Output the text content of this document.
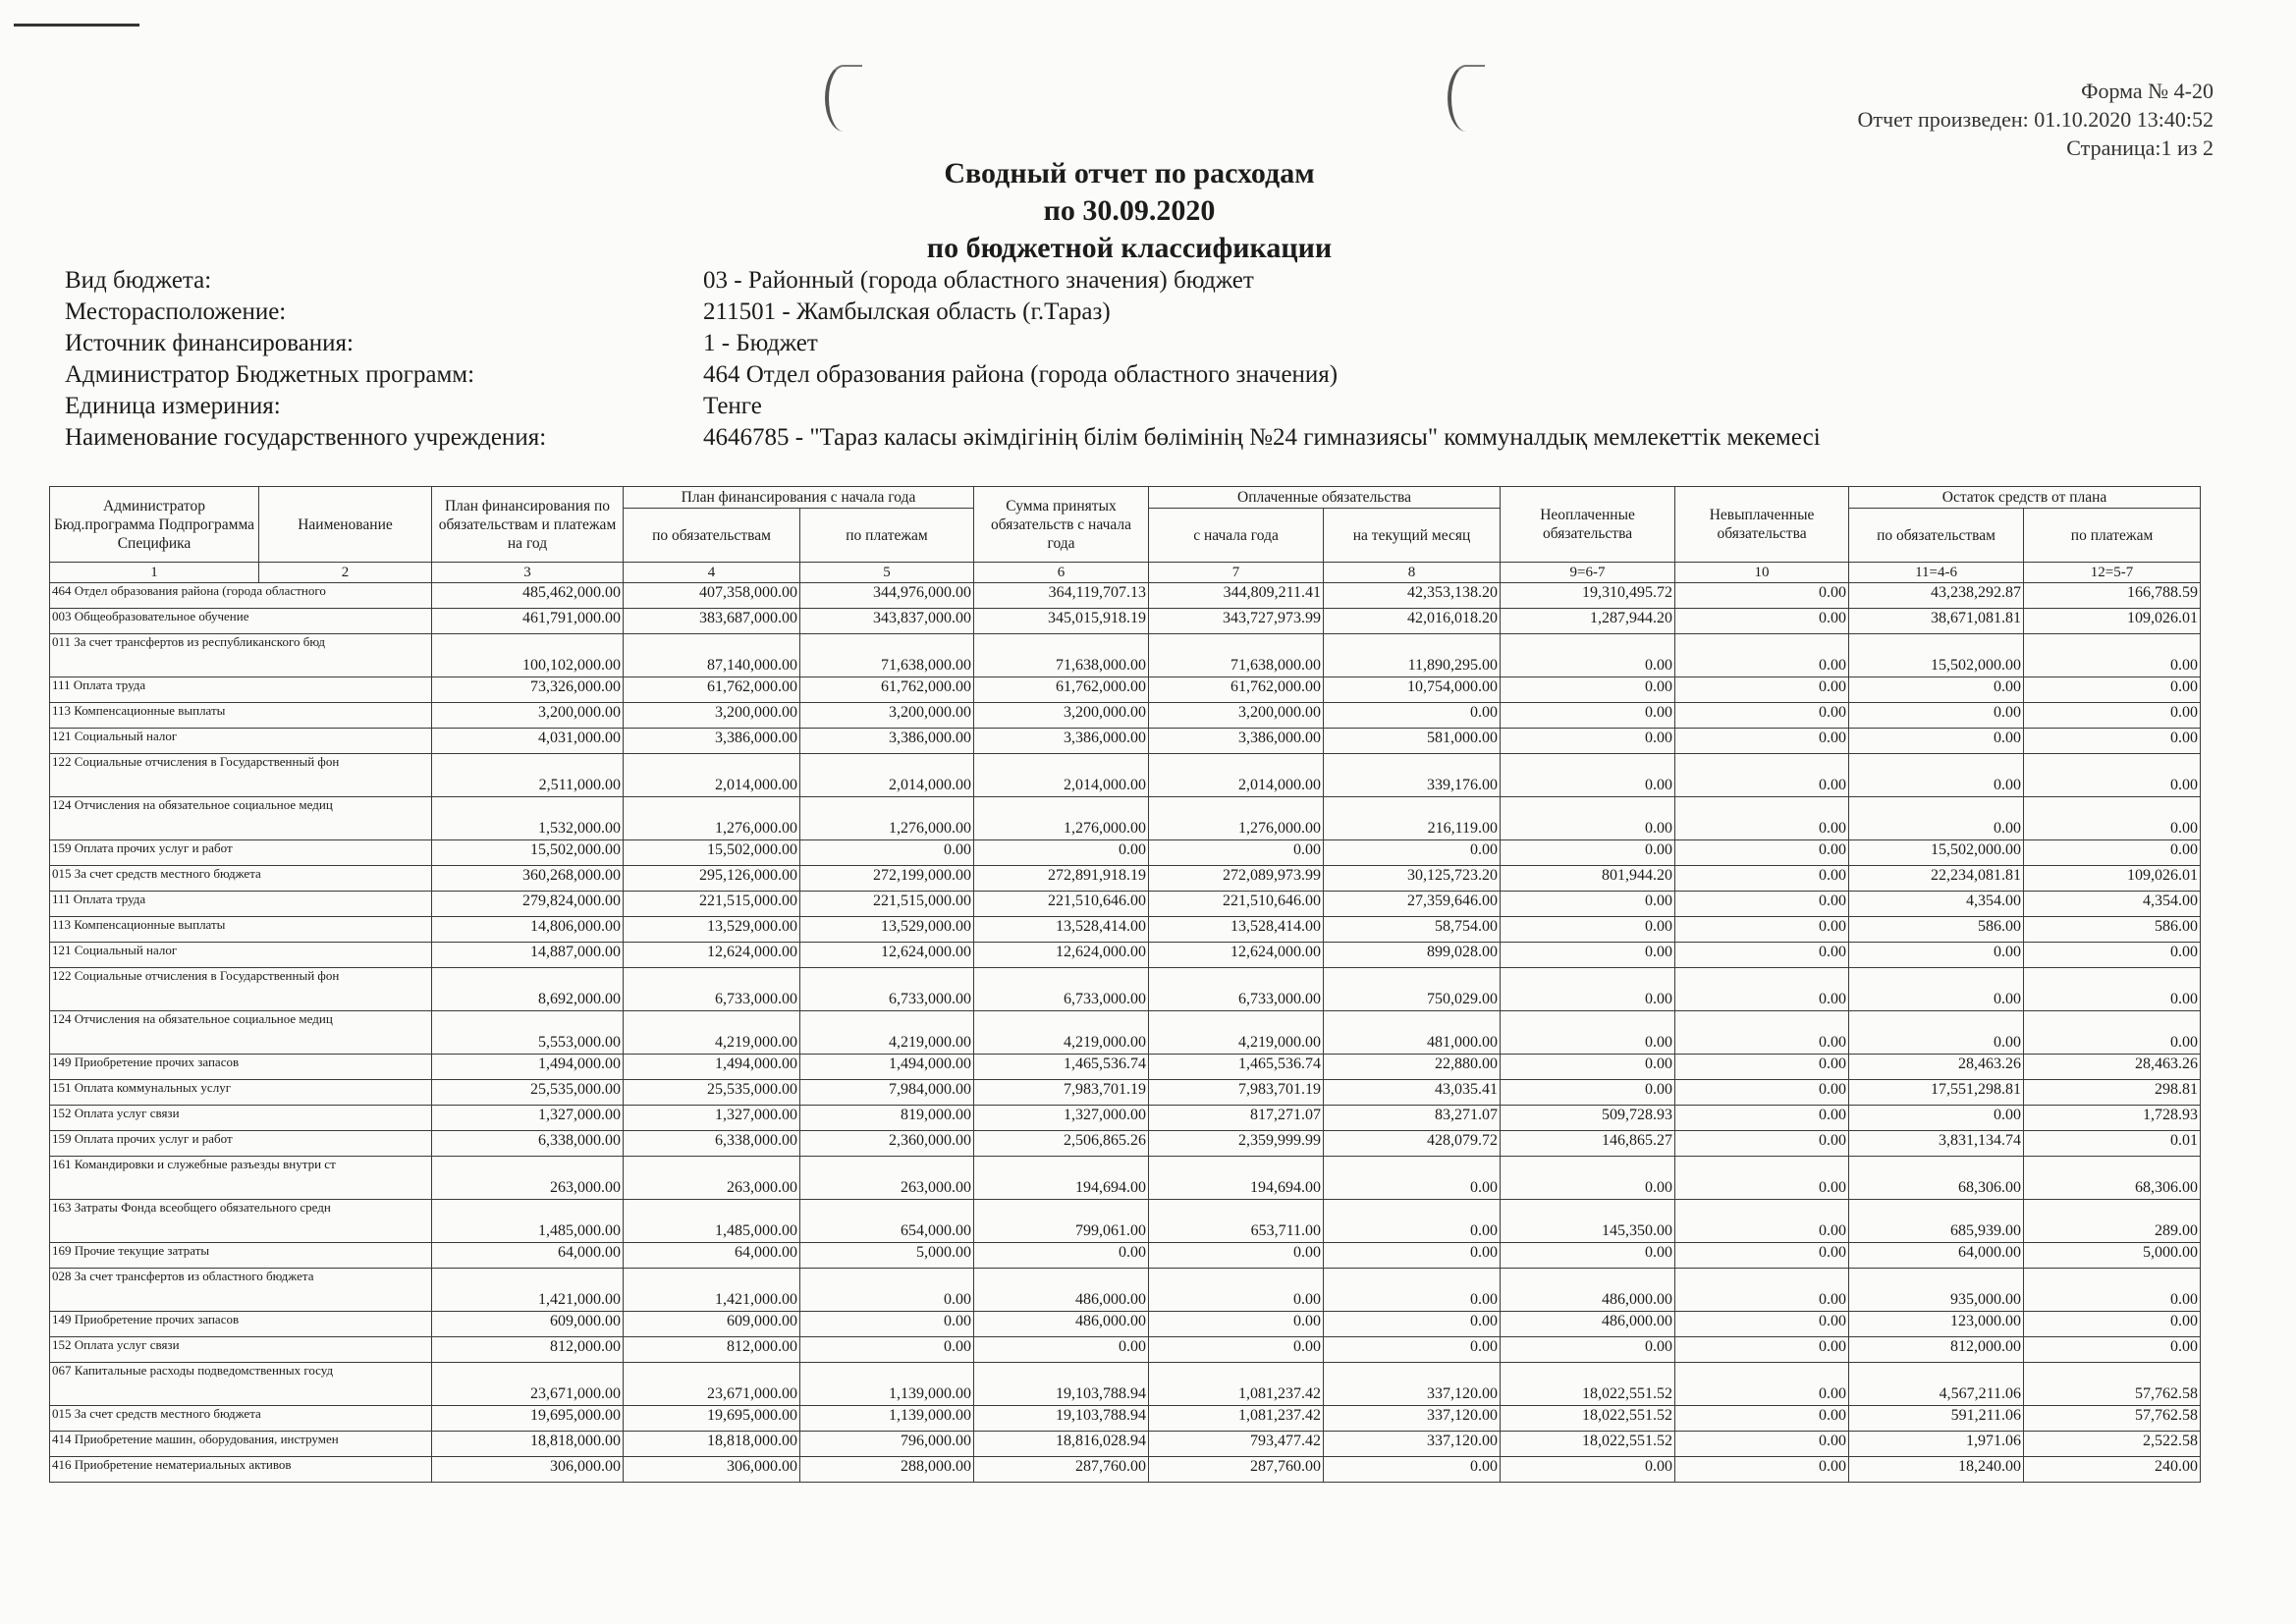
Форма № 4-20
Отчет произведен: 01.10.2020 13:40:52
Страница:1 из 2
Сводный отчет по расходам
по 30.09.2020
по бюджетной классификации
Вид бюджета:	03 - Районный (города областного значения) бюджет
Месторасположение:	211501 - Жамбылская область (г.Тараз)
Источник финансирования:	1 - Бюджет
Администратор Бюджетных программ:	464 Отдел образования района (города областного значения)
Единица измериния:	Тенге
Наименование государственного учреждения:	4646785 - "Тараз каласы әкімдігінің білім бөлімінің №24 гимназиясы" коммуналдық мемлекеттік мекемесі
Администратор Бюд.программа Подпрограмма Специфика	Наименование	План финансирования по обязательствам и платежам на год	План финансирования с начала года		Сумма принятых обязательств с начала года	Оплаченные обязательства		Неоплаченные обязательства	Невыплаченные обязательства	Остаток средств от плана	
			по обязательствам	по платежам		с начала года	на текущий месяц			по обязательствам	по платежам
1	2	3	4	5	6	7	8	9=6-7	10	11=4-6	12=5-7
464 Отдел образования района (города областного		485,462,000.00	407,358,000.00	344,976,000.00	364,119,707.13	344,809,211.41	42,353,138.20	19,310,495.72	0.00	43,238,292.87	166,788.59
003 Общеобразовательное обучение		461,791,000.00	383,687,000.00	343,837,000.00	345,015,918.19	343,727,973.99	42,016,018.20	1,287,944.20	0.00	38,671,081.81	109,026.01
011 За счет трансфертов из республиканского бюд		100,102,000.00	87,140,000.00	71,638,000.00	71,638,000.00	71,638,000.00	11,890,295.00	0.00	0.00	15,502,000.00	0.00
111 Оплата труда		73,326,000.00	61,762,000.00	61,762,000.00	61,762,000.00	61,762,000.00	10,754,000.00	0.00	0.00	0.00	0.00
113 Компенсационные выплаты		3,200,000.00	3,200,000.00	3,200,000.00	3,200,000.00	3,200,000.00	0.00	0.00	0.00	0.00	0.00
121 Социальный налог		4,031,000.00	3,386,000.00	3,386,000.00	3,386,000.00	3,386,000.00	581,000.00	0.00	0.00	0.00	0.00
122 Социальные отчисления в Государственный фон		2,511,000.00	2,014,000.00	2,014,000.00	2,014,000.00	2,014,000.00	339,176.00	0.00	0.00	0.00	0.00
124 Отчисления на обязательное социальное медиц		1,532,000.00	1,276,000.00	1,276,000.00	1,276,000.00	1,276,000.00	216,119.00	0.00	0.00	0.00	0.00
159 Оплата прочих услуг и работ		15,502,000.00	15,502,000.00	0.00	0.00	0.00	0.00	0.00	0.00	15,502,000.00	0.00
015 За счет средств местного бюджета		360,268,000.00	295,126,000.00	272,199,000.00	272,891,918.19	272,089,973.99	30,125,723.20	801,944.20	0.00	22,234,081.81	109,026.01
111 Оплата труда		279,824,000.00	221,515,000.00	221,515,000.00	221,510,646.00	221,510,646.00	27,359,646.00	0.00	0.00	4,354.00	4,354.00
113 Компенсационные выплаты		14,806,000.00	13,529,000.00	13,529,000.00	13,528,414.00	13,528,414.00	58,754.00	0.00	0.00	586.00	586.00
121 Социальный налог		14,887,000.00	12,624,000.00	12,624,000.00	12,624,000.00	12,624,000.00	899,028.00	0.00	0.00	0.00	0.00
122 Социальные отчисления в Государственный фон		8,692,000.00	6,733,000.00	6,733,000.00	6,733,000.00	6,733,000.00	750,029.00	0.00	0.00	0.00	0.00
124 Отчисления на обязательное социальное медиц		5,553,000.00	4,219,000.00	4,219,000.00	4,219,000.00	4,219,000.00	481,000.00	0.00	0.00	0.00	0.00
149 Приобретение прочих запасов		1,494,000.00	1,494,000.00	1,494,000.00	1,465,536.74	1,465,536.74	22,880.00	0.00	0.00	28,463.26	28,463.26
151 Оплата коммунальных услуг		25,535,000.00	25,535,000.00	7,984,000.00	7,983,701.19	7,983,701.19	43,035.41	0.00	0.00	17,551,298.81	298.81
152 Оплата услуг связи		1,327,000.00	1,327,000.00	819,000.00	1,327,000.00	817,271.07	83,271.07	509,728.93	0.00	0.00	1,728.93
159 Оплата прочих услуг и работ		6,338,000.00	6,338,000.00	2,360,000.00	2,506,865.26	2,359,999.99	428,079.72	146,865.27	0.00	3,831,134.74	0.01
161 Командировки и служебные разъезды внутри ст		263,000.00	263,000.00	263,000.00	194,694.00	194,694.00	0.00	0.00	0.00	68,306.00	68,306.00
163 Затраты Фонда всеобщего обязательного средн		1,485,000.00	1,485,000.00	654,000.00	799,061.00	653,711.00	0.00	145,350.00	0.00	685,939.00	289.00
169 Прочие текущие затраты		64,000.00	64,000.00	5,000.00	0.00	0.00	0.00	0.00	0.00	64,000.00	5,000.00
028 За счет трансфертов из областного бюджета		1,421,000.00	1,421,000.00	0.00	486,000.00	0.00	0.00	486,000.00	0.00	935,000.00	0.00
149 Приобретение прочих запасов		609,000.00	609,000.00	0.00	486,000.00	0.00	0.00	486,000.00	0.00	123,000.00	0.00
152 Оплата услуг связи		812,000.00	812,000.00	0.00	0.00	0.00	0.00	0.00	0.00	812,000.00	0.00
067 Капитальные расходы подведомственных госуд		23,671,000.00	23,671,000.00	1,139,000.00	19,103,788.94	1,081,237.42	337,120.00	18,022,551.52	0.00	4,567,211.06	57,762.58
015 За счет средств местного бюджета		19,695,000.00	19,695,000.00	1,139,000.00	19,103,788.94	1,081,237.42	337,120.00	18,022,551.52	0.00	591,211.06	57,762.58
414 Приобретение машин, оборудования, инструмен		18,818,000.00	18,818,000.00	796,000.00	18,816,028.94	793,477.42	337,120.00	18,022,551.52	0.00	1,971.06	2,522.58
416 Приобретение нематериальных активов		306,000.00	306,000.00	288,000.00	287,760.00	287,760.00	0.00	0.00	0.00	18,240.00	240.00
